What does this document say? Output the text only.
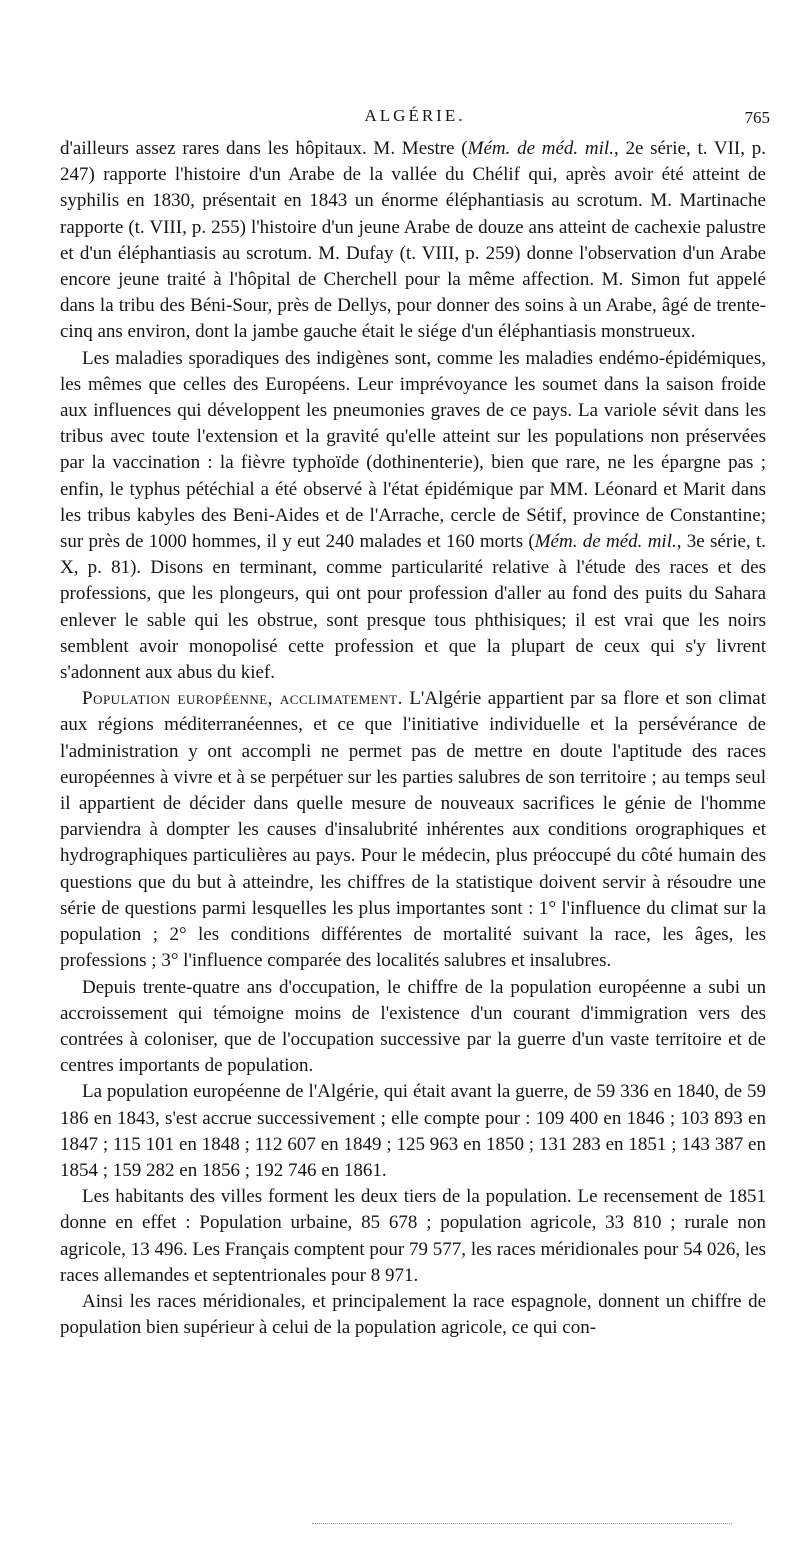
ALGÉRIE.	765

d'ailleurs assez rares dans les hôpitaux. M. Mestre (Mém. de méd. mil., 2e série, t. VII, p. 247) rapporte l'histoire d'un Arabe de la vallée du Chélif qui, après avoir été atteint de syphilis en 1830, présentait en 1843 un énorme éléphantiasis au scrotum. M. Martinache rapporte (t. VIII, p. 255) l'histoire d'un jeune Arabe de douze ans atteint de cachexie palustre et d'un éléphantiasis au scrotum. M. Dufay (t. VIII, p. 259) donne l'observation d'un Arabe encore jeune traité à l'hôpital de Cherchell pour la même affection. M. Simon fut appelé dans la tribu des Béni-Sour, près de Dellys, pour donner des soins à un Arabe, âgé de trente-cinq ans environ, dont la jambe gauche était le siége d'un éléphantiasis monstrueux.

Les maladies sporadiques des indigènes sont, comme les maladies endémo-épidémiques, les mêmes que celles des Européens. Leur imprévoyance les soumet dans la saison froide aux influences qui développent les pneumonies graves de ce pays. La variole sévit dans les tribus avec toute l'extension et la gravité qu'elle atteint sur les populations non préservées par la vaccination : la fièvre typhoïde (dothinenterie), bien que rare, ne les épargne pas ; enfin, le typhus pétéchial a été observé à l'état épidémique par MM. Léonard et Marit dans les tribus kabyles des Beni-Aides et de l'Arrache, cercle de Sétif, province de Constantine; sur près de 1000 hommes, il y eut 240 malades et 160 morts (Mém. de méd. mil., 3e série, t. X, p. 81). Disons en terminant, comme particularité relative à l'étude des races et des professions, que les plongeurs, qui ont pour profession d'aller au fond des puits du Sahara enlever le sable qui les obstrue, sont presque tous phthisiques; il est vrai que les noirs semblent avoir monopolisé cette profession et que la plupart de ceux qui s'y livrent s'adonnent aux abus du kief.

Population européenne, acclimatement. L'Algérie appartient par sa flore et son climat aux régions méditerranéennes, et ce que l'initiative individuelle et la persévérance de l'administration y ont accompli ne permet pas de mettre en doute l'aptitude des races européennes à vivre et à se perpétuer sur les parties salubres de son territoire ; au temps seul il appartient de décider dans quelle mesure de nouveaux sacrifices le génie de l'homme parviendra à dompter les causes d'insalubrité inhérentes aux conditions orographiques et hydrographiques particulières au pays. Pour le médecin, plus préoccupé du côté humain des questions que du but à atteindre, les chiffres de la statistique doivent servir à résoudre une série de questions parmi lesquelles les plus importantes sont : 1° l'influence du climat sur la population ; 2° les conditions différentes de mortalité suivant la race, les âges, les professions ; 3° l'influence comparée des localités salubres et insalubres.

Depuis trente-quatre ans d'occupation, le chiffre de la population européenne a subi un accroissement qui témoigne moins de l'existence d'un courant d'immigration vers des contrées à coloniser, que de l'occupation successive par la guerre d'un vaste territoire et de centres importants de population.

La population européenne de l'Algérie, qui était avant la guerre, de 59 336 en 1840, de 59 186 en 1843, s'est accrue successivement ; elle compte pour : 109 400 en 1846 ; 103 893 en 1847 ; 115 101 en 1848 ; 112 607 en 1849 ; 125 963 en 1850 ; 131 283 en 1851 ; 143 387 en 1854 ; 159 282 en 1856 ; 192 746 en 1861.

Les habitants des villes forment les deux tiers de la population. Le recensement de 1851 donne en effet : Population urbaine, 85 678 ; population agricole, 33 810 ; rurale non agricole, 13 496. Les Français comptent pour 79 577, les races méridionales pour 54 026, les races allemandes et septentrionales pour 8 971.

Ainsi les races méridionales, et principalement la race espagnole, donnent un chiffre de population bien supérieur à celui de la population agricole, ce qui con-
